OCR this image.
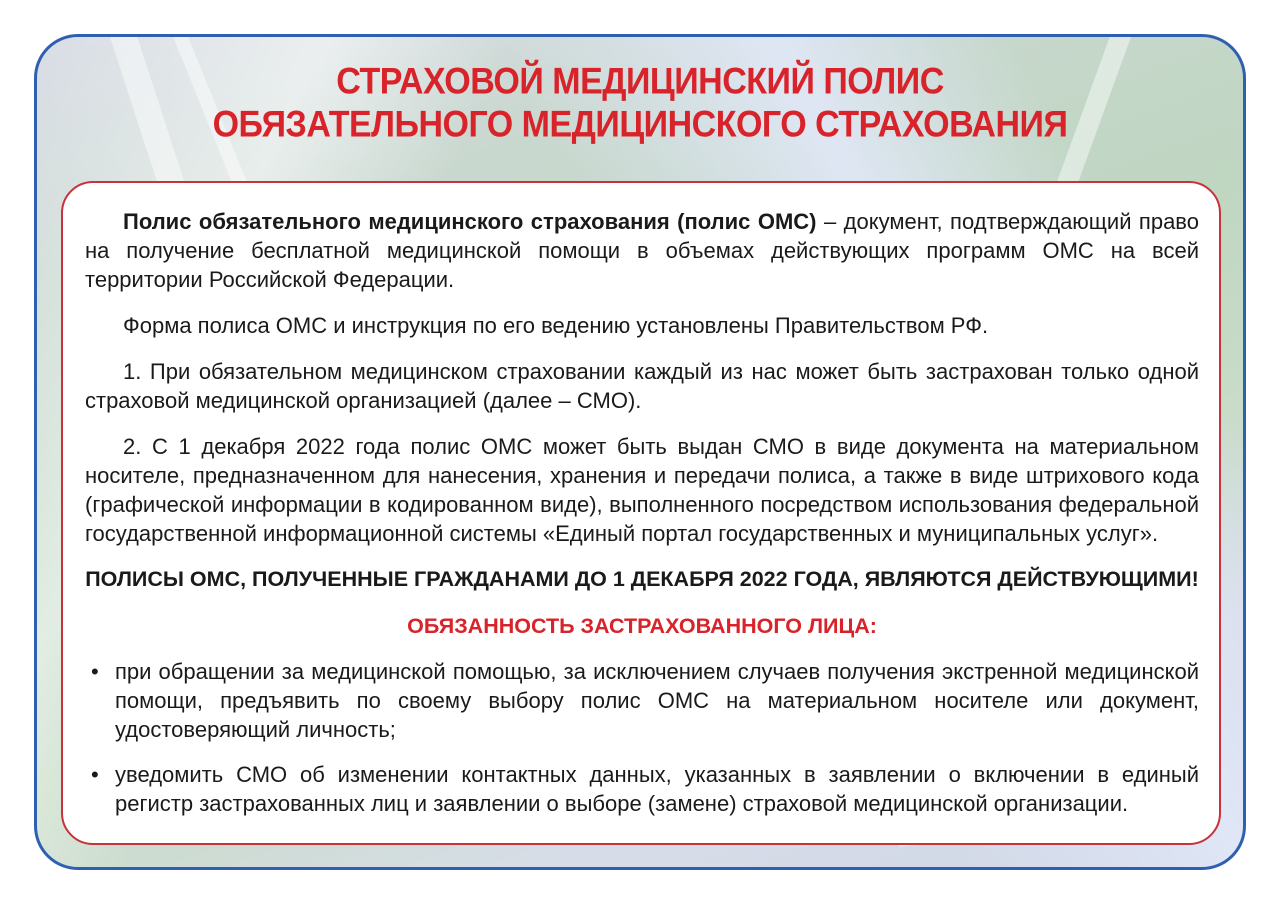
СТРАХОВОЙ МЕДИЦИНСКИЙ ПОЛИС
ОБЯЗАТЕЛЬНОГО МЕДИЦИНСКОГО СТРАХОВАНИЯ

Полис обязательного медицинского страхования (полис ОМС) – документ, подтверждающий право на получение бесплатной медицинской помощи в объемах действующих программ ОМС на всей территории Российской Федерации.

Форма полиса ОМС и инструкция по его ведению установлены Правительством РФ.

1. При обязательном медицинском страховании каждый из нас может быть застрахован только одной страховой медицинской организацией (далее – СМО).

2. С 1 декабря 2022 года полис ОМС может быть выдан СМО в виде документа на материальном носителе, предназначенном для нанесения, хранения и передачи полиса, а также в виде штрихового кода (графической информации в кодированном виде), выполненного посредством использования федеральной государственной информационной системы «Единый портал государственных и муниципальных услуг».

ПОЛИСЫ ОМС, ПОЛУЧЕННЫЕ ГРАЖДАНАМИ ДО 1 ДЕКАБРЯ 2022 ГОДА, ЯВЛЯЮТСЯ ДЕЙСТВУЮЩИМИ!

ОБЯЗАННОСТЬ ЗАСТРАХОВАННОГО ЛИЦА:

• при обращении за медицинской помощью, за исключением случаев получения экстренной медицинской помощи, предъявить по своему выбору полис ОМС на материальном носителе или документ, удостоверяющий личность;
• уведомить СМО об изменении контактных данных, указанных в заявлении о включении в единый регистр застрахованных лиц и заявлении о выборе (замене) страховой медицинской организации.
